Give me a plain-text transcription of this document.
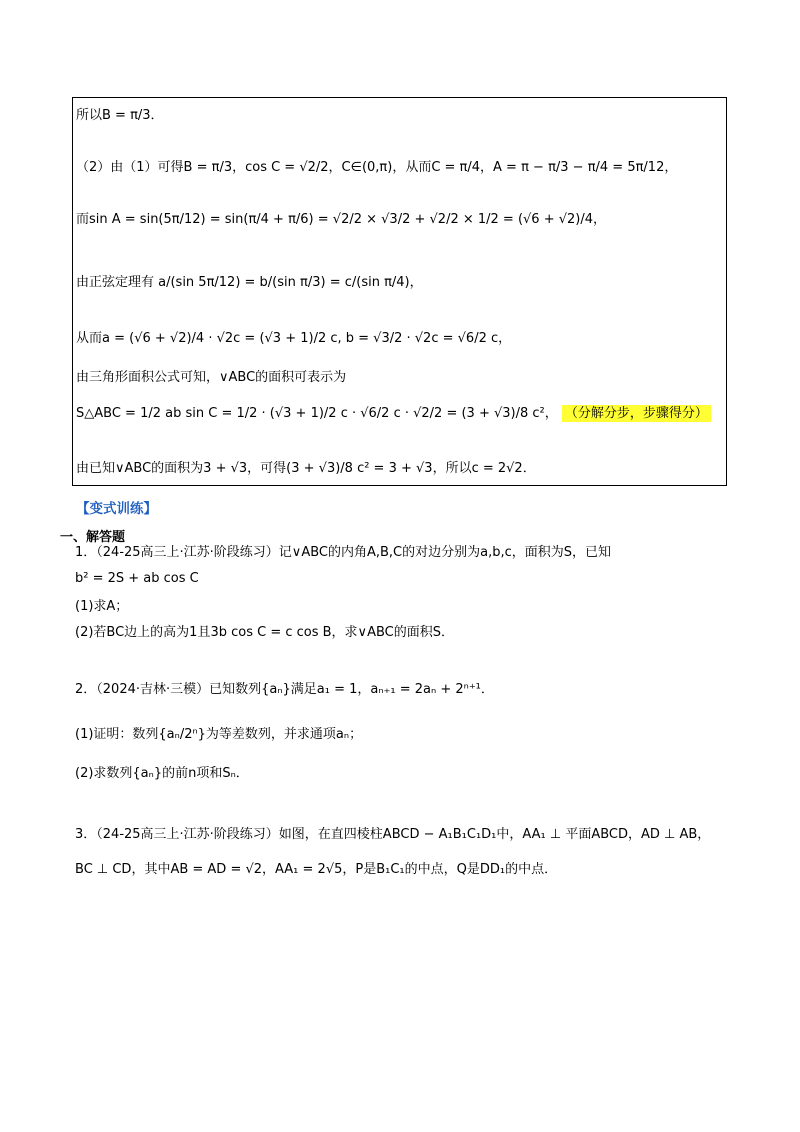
所以B = π/3．
（2）由（1）可得B = π/3，cos C = √2/2，C∈(0,π)，从而C = π/4，A = π − π/3 − π/4 = 5π/12，
而sin A = sin(5π/12) = sin(π/4 + π/6) = √2/2 × √3/2 + √2/2 × 1/2 = (√6 + √2)/4，
由正弦定理有 a/(sin 5π/12) = b/(sin π/3) = c/(sin π/4)，
从而a = (√6 + √2)/4 · √2c = (√3 + 1)/2 c, b = √3/2 · √2c = √6/2 c，
由三角形面积公式可知，∨ABC的面积可表示为
S△ABC = 1/2 ab sin C = 1/2 · (√3 + 1)/2 c · √6/2 c · √2/2 = (3 + √3)/8 c²， （分解分步，步骤得分）
由已知∨ABC的面积为3 + √3，可得(3 + √3)/8 c² = 3 + √3，所以c = 2√2．
【变式训练】
一、解答题
1．（24-25高三上·江苏·阶段练习）记∨ABC的内角A,B,C的对边分别为a,b,c，面积为S，已知
b² = 2S + ab cos C
(1)求A；
(2)若BC边上的高为1且3b cos C = c cos B，求∨ABC的面积S．
2．（2024·吉林·三模）已知数列{aₙ}满足a₁ = 1，aₙ₊₁ = 2aₙ + 2ⁿ⁺¹．
(1)证明：数列{aₙ/2ⁿ}为等差数列，并求通项aₙ；
(2)求数列{aₙ}的前n项和Sₙ．
3．（24-25高三上·江苏·阶段练习）如图，在直四棱柱ABCD − A₁B₁C₁D₁中，AA₁ ⊥ 平面ABCD，AD ⊥ AB，
BC ⊥ CD，其中AB = AD = √2，AA₁ = 2√5，P是B₁C₁的中点，Q是DD₁的中点．
